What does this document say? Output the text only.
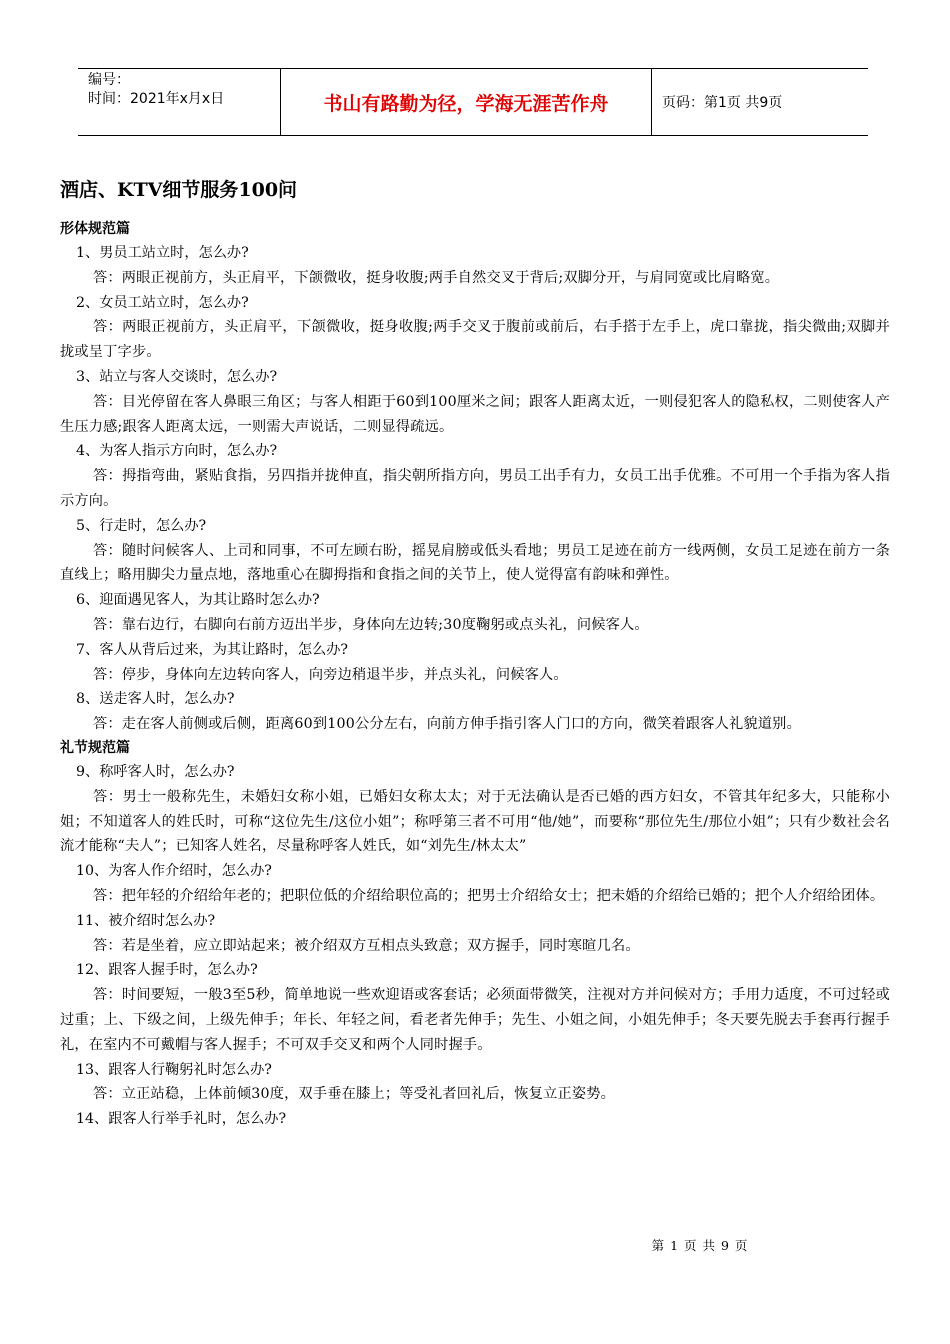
编号：
时间：2021年x月x日	书山有路勤为径，学海无涯苦作舟	页码：第1页 共9页
酒店、KTV细节服务100问
形体规范篇
1、男员工站立时，怎么办?
答：两眼正视前方，头正肩平，下颌微收，挺身收腹;两手自然交叉于背后;双脚分开，与肩同宽或比肩略宽。
2、女员工站立时，怎么办?
答：两眼正视前方，头正肩平，下颌微收，挺身收腹;两手交叉于腹前或前后，右手搭于左手上，虎口靠拢，指尖微曲;双脚并拢或呈丁字步。
3、站立与客人交谈时，怎么办?
答：目光停留在客人鼻眼三角区；与客人相距于60到100厘米之间；跟客人距离太近，一则侵犯客人的隐私权，二则使客人产生压力感;跟客人距离太远，一则需大声说话，二则显得疏远。
4、为客人指示方向时，怎么办?
答：拇指弯曲，紧贴食指，另四指并拢伸直，指尖朝所指方向，男员工出手有力，女员工出手优雅。不可用一个手指为客人指示方向。
5、行走时，怎么办?
答：随时问候客人、上司和同事，不可左顾右盼，摇晃肩膀或低头看地；男员工足迹在前方一线两侧，女员工足迹在前方一条直线上；略用脚尖力量点地，落地重心在脚拇指和食指之间的关节上，使人觉得富有韵味和弹性。
6、迎面遇见客人，为其让路时怎么办?
答：靠右边行，右脚向右前方迈出半步，身体向左边转;30度鞠躬或点头礼，问候客人。
7、客人从背后过来，为其让路时，怎么办?
答：停步，身体向左边转向客人，向旁边稍退半步，并点头礼，问候客人。
8、送走客人时，怎么办?
答：走在客人前侧或后侧，距离60到100公分左右，向前方伸手指引客人门口的方向，微笑着跟客人礼貌道别。
礼节规范篇
9、称呼客人时，怎么办?
答：男士一般称先生，未婚妇女称小姐，已婚妇女称太太；对于无法确认是否已婚的西方妇女，不管其年纪多大，只能称小姐；不知道客人的姓氏时，可称“这位先生/这位小姐”；称呼第三者不可用“他/她”，而要称“那位先生/那位小姐”；只有少数社会名流才能称“夫人”；已知客人姓名，尽量称呼客人姓氏，如“刘先生/林太太”
10、为客人作介绍时，怎么办?
答：把年轻的介绍给年老的；把职位低的介绍给职位高的；把男士介绍给女士；把未婚的介绍给已婚的；把个人介绍给团体。
11、被介绍时怎么办?
答：若是坐着，应立即站起来；被介绍双方互相点头致意；双方握手，同时寒暄几名。
12、跟客人握手时，怎么办?
答：时间要短，一般3至5秒，简单地说一些欢迎语或客套话；必须面带微笑，注视对方并问候对方；手用力适度，不可过轻或过重；上、下级之间，上级先伸手；年长、年轻之间，看老者先伸手；先生、小姐之间，小姐先伸手；冬天要先脱去手套再行握手礼，在室内不可戴帽与客人握手；不可双手交叉和两个人同时握手。
13、跟客人行鞠躬礼时怎么办?
答：立正站稳，上体前倾30度，双手垂在膝上；等受礼者回礼后，恢复立正姿势。
14、跟客人行举手礼时，怎么办?
第 1 页 共 9 页
